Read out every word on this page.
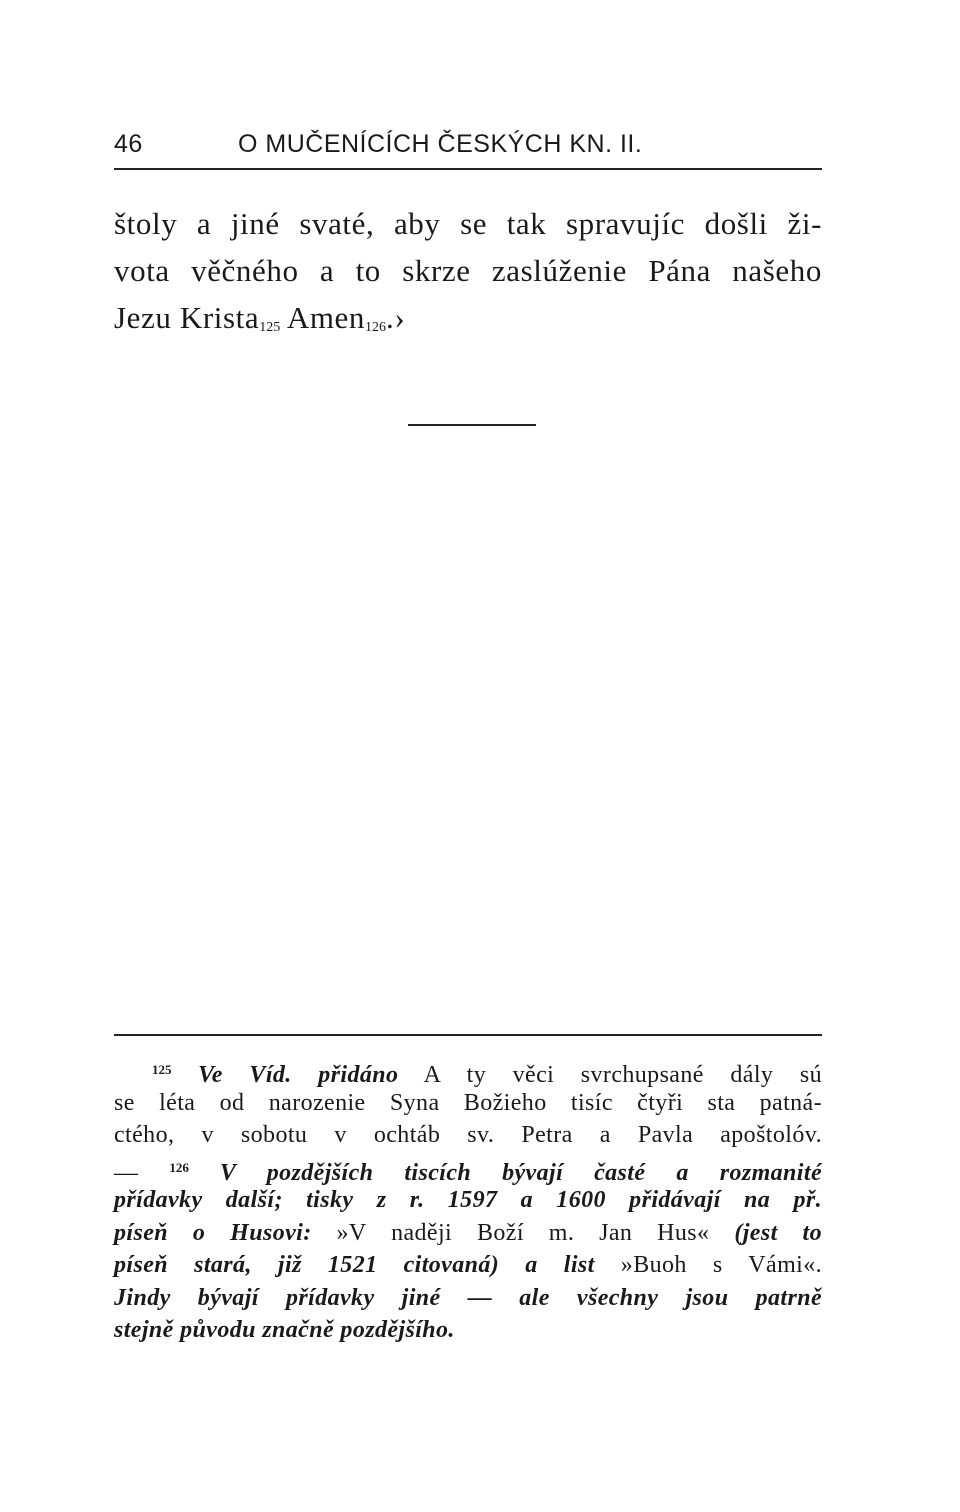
46	O MUČENÍCÍCH ČESKÝCH KN. II.
štoly a jiné svaté, aby se tak spravujíc došli ži-
vota věčného a to skrze zaslúženie Pána našeho
Jezu Krista$_{125}$ Amen$_{126}$.›
$^{125}$ Ve Víd. přidáno A ty věci svrchupsané dály sú
se léta od narozenie Syna Božieho tisíc čtyři sta patná-
ctého, v sobotu v ochtáb sv. Petra a Pavla apoštolóv.
— $^{126}$ V pozdějších tiscích bývají časté a rozmanité
přídavky další; tisky z r. 1597 a 1600 přidávají na př.
píseň o Husovi: »V naději Boží m. Jan Hus« (jest to
píseň stará, již 1521 citovaná) a list »Buoh s Vámi«.
Jindy bývají přídavky jiné — ale všechny jsou patrně
stejně původu značně pozdějšího.
